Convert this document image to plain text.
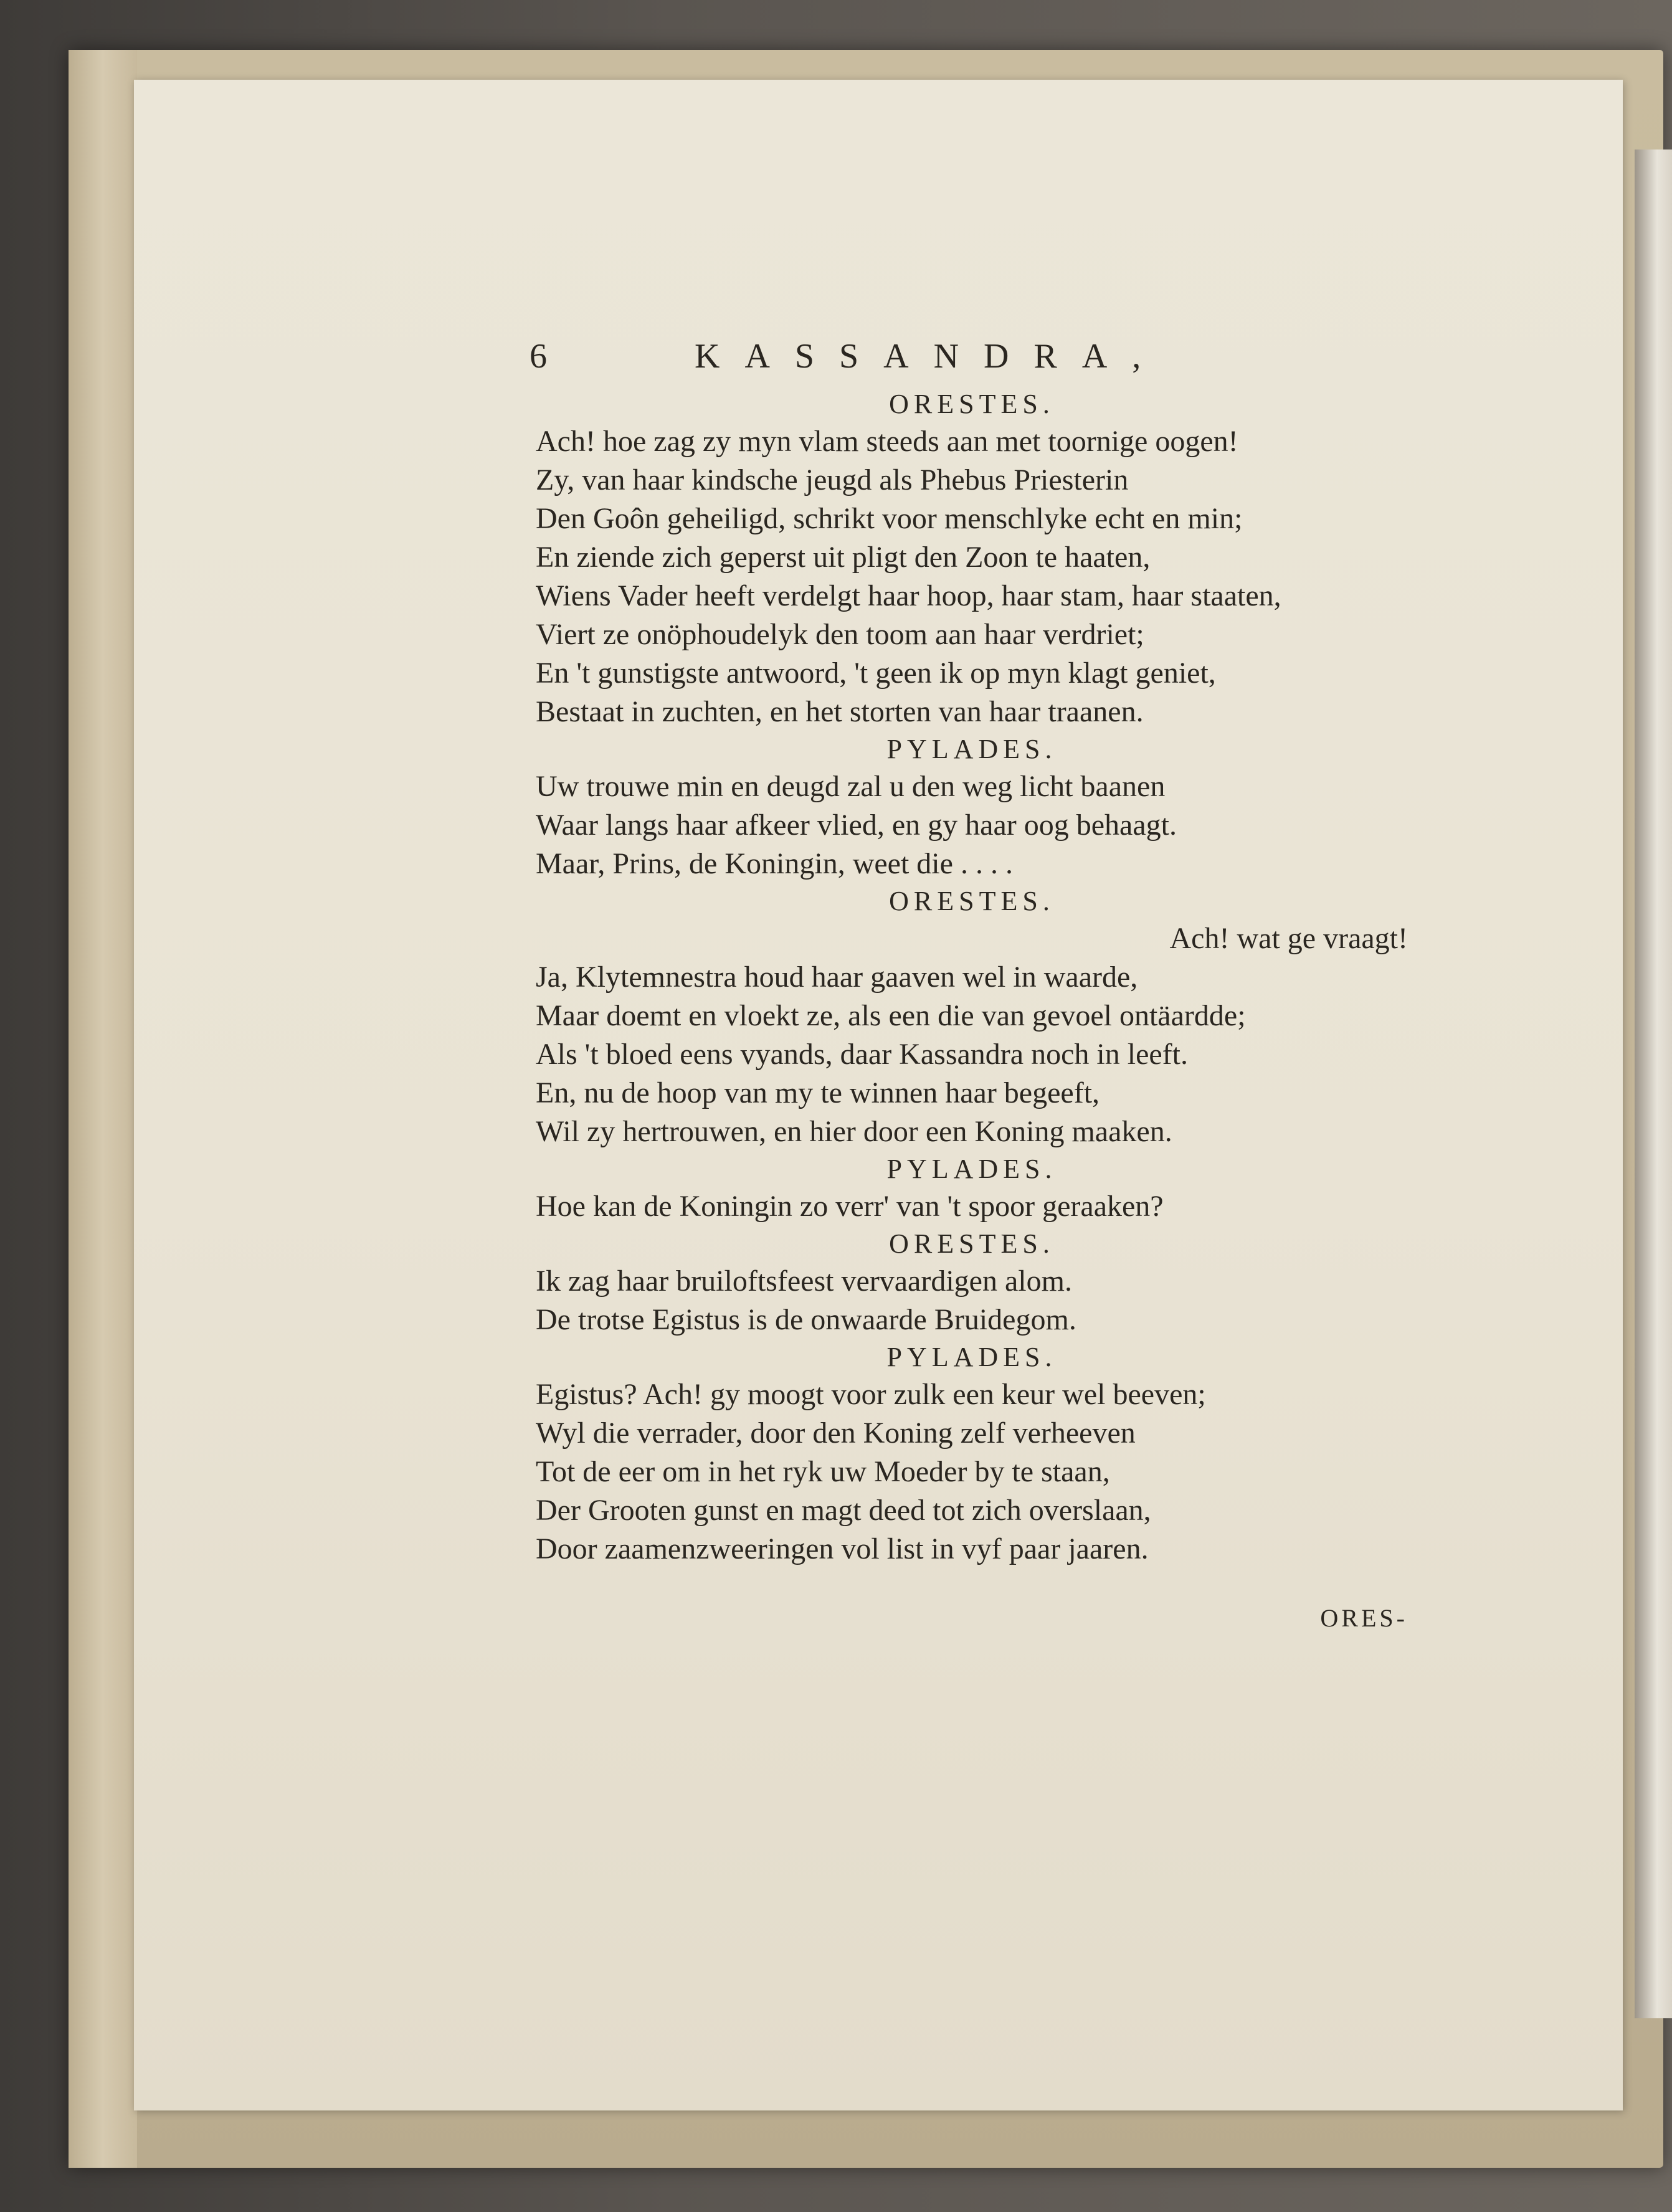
6	KASSANDRA,

ORESTES.

Ach! hoe zag zy myn vlam steeds aan met toornige oogen!

Zy, van haar kindsche jeugd als Phebus Priesterin

Den Goôn geheiligd, schrikt voor menschlyke echt en min;

En ziende zich geperst uit pligt den Zoon te haaten,

Wiens Vader heeft verdelgt haar hoop, haar stam, haar staaten,

Viert ze onöphoudelyk den toom aan haar verdriet;

En 't gunstigste antwoord, 't geen ik op myn klagt geniet,

Bestaat in zuchten, en het storten van haar traanen.

PYLADES.

Uw trouwe min en deugd zal u den weg licht baanen

Waar langs haar afkeer vlied, en gy haar oog behaagt.

Maar, Prins, de Koningin, weet die . . . .

ORESTES.

Ach! wat ge vraagt!

Ja, Klytemnestra houd haar gaaven wel in waarde,

Maar doemt en vloekt ze, als een die van gevoel ontäardde;

Als 't bloed eens vyands, daar Kassandra noch in leeft.

En, nu de hoop van my te winnen haar begeeft,

Wil zy hertrouwen, en hier door een Koning maaken.

PYLADES.

Hoe kan de Koningin zo verr' van 't spoor geraaken?

ORESTES.

Ik zag haar bruiloftsfeest vervaardigen alom.

De trotse Egistus is de onwaarde Bruidegom.

PYLADES.

Egistus? Ach! gy moogt voor zulk een keur wel beeven;

Wyl die verrader, door den Koning zelf verheeven

Tot de eer om in het ryk uw Moeder by te staan,

Der Grooten gunst en magt deed tot zich overslaan,

Door zaamenzweeringen vol list in vyf paar jaaren.

ORES-
